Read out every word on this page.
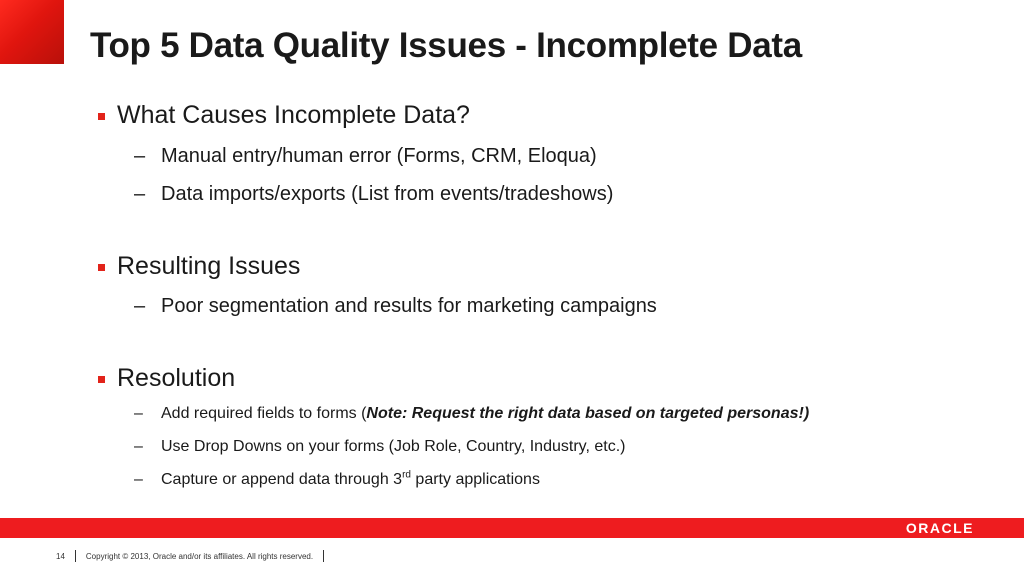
Top 5 Data Quality Issues - Incomplete Data
What Causes Incomplete Data?
– Manual entry/human error (Forms, CRM, Eloqua)
– Data imports/exports (List from events/tradeshows)
Resulting Issues
– Poor segmentation and results for marketing campaigns
Resolution
–	Add required fields to forms (Note: Request the right data based on targeted personas!)
–	Use Drop Downs on your forms (Job Role, Country, Industry, etc.)
–	Capture or append data through 3rd party applications
ORACLE
14	Copyright © 2013, Oracle and/or its affiliates. All rights reserved.
